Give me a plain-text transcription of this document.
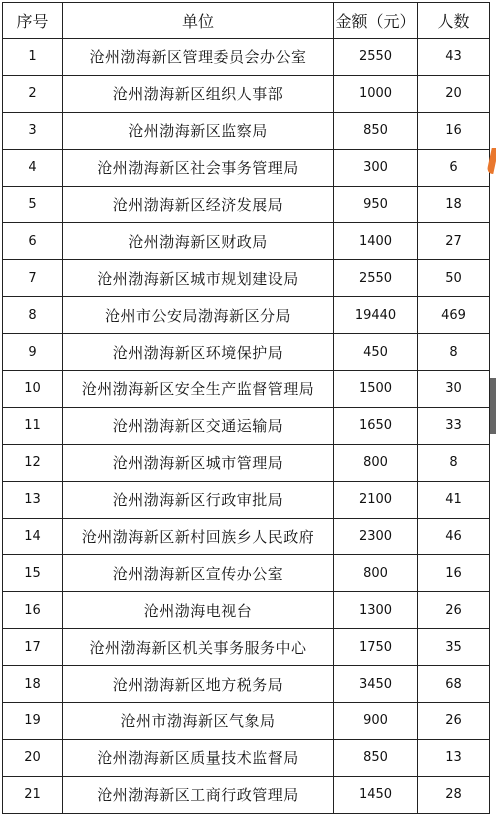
序号	单位	金额（元）	人数
1	沧州渤海新区管理委员会办公室	2550	43
2	沧州渤海新区组织人事部	1000	20
3	沧州渤海新区监察局	850	16
4	沧州渤海新区社会事务管理局	300	6
5	沧州渤海新区经济发展局	950	18
6	沧州渤海新区财政局	1400	27
7	沧州渤海新区城市规划建设局	2550	50
8	沧州市公安局渤海新区分局	19440	469
9	沧州渤海新区环境保护局	450	8
10	沧州渤海新区安全生产监督管理局	1500	30
11	沧州渤海新区交通运输局	1650	33
12	沧州渤海新区城市管理局	800	8
13	沧州渤海新区行政审批局	2100	41
14	沧州渤海新区新村回族乡人民政府	2300	46
15	沧州渤海新区宣传办公室	800	16
16	沧州渤海电视台	1300	26
17	沧州渤海新区机关事务服务中心	1750	35
18	沧州渤海新区地方税务局	3450	68
19	沧州市渤海新区气象局	900	26
20	沧州渤海新区质量技术监督局	850	13
21	沧州渤海新区工商行政管理局	1450	28
